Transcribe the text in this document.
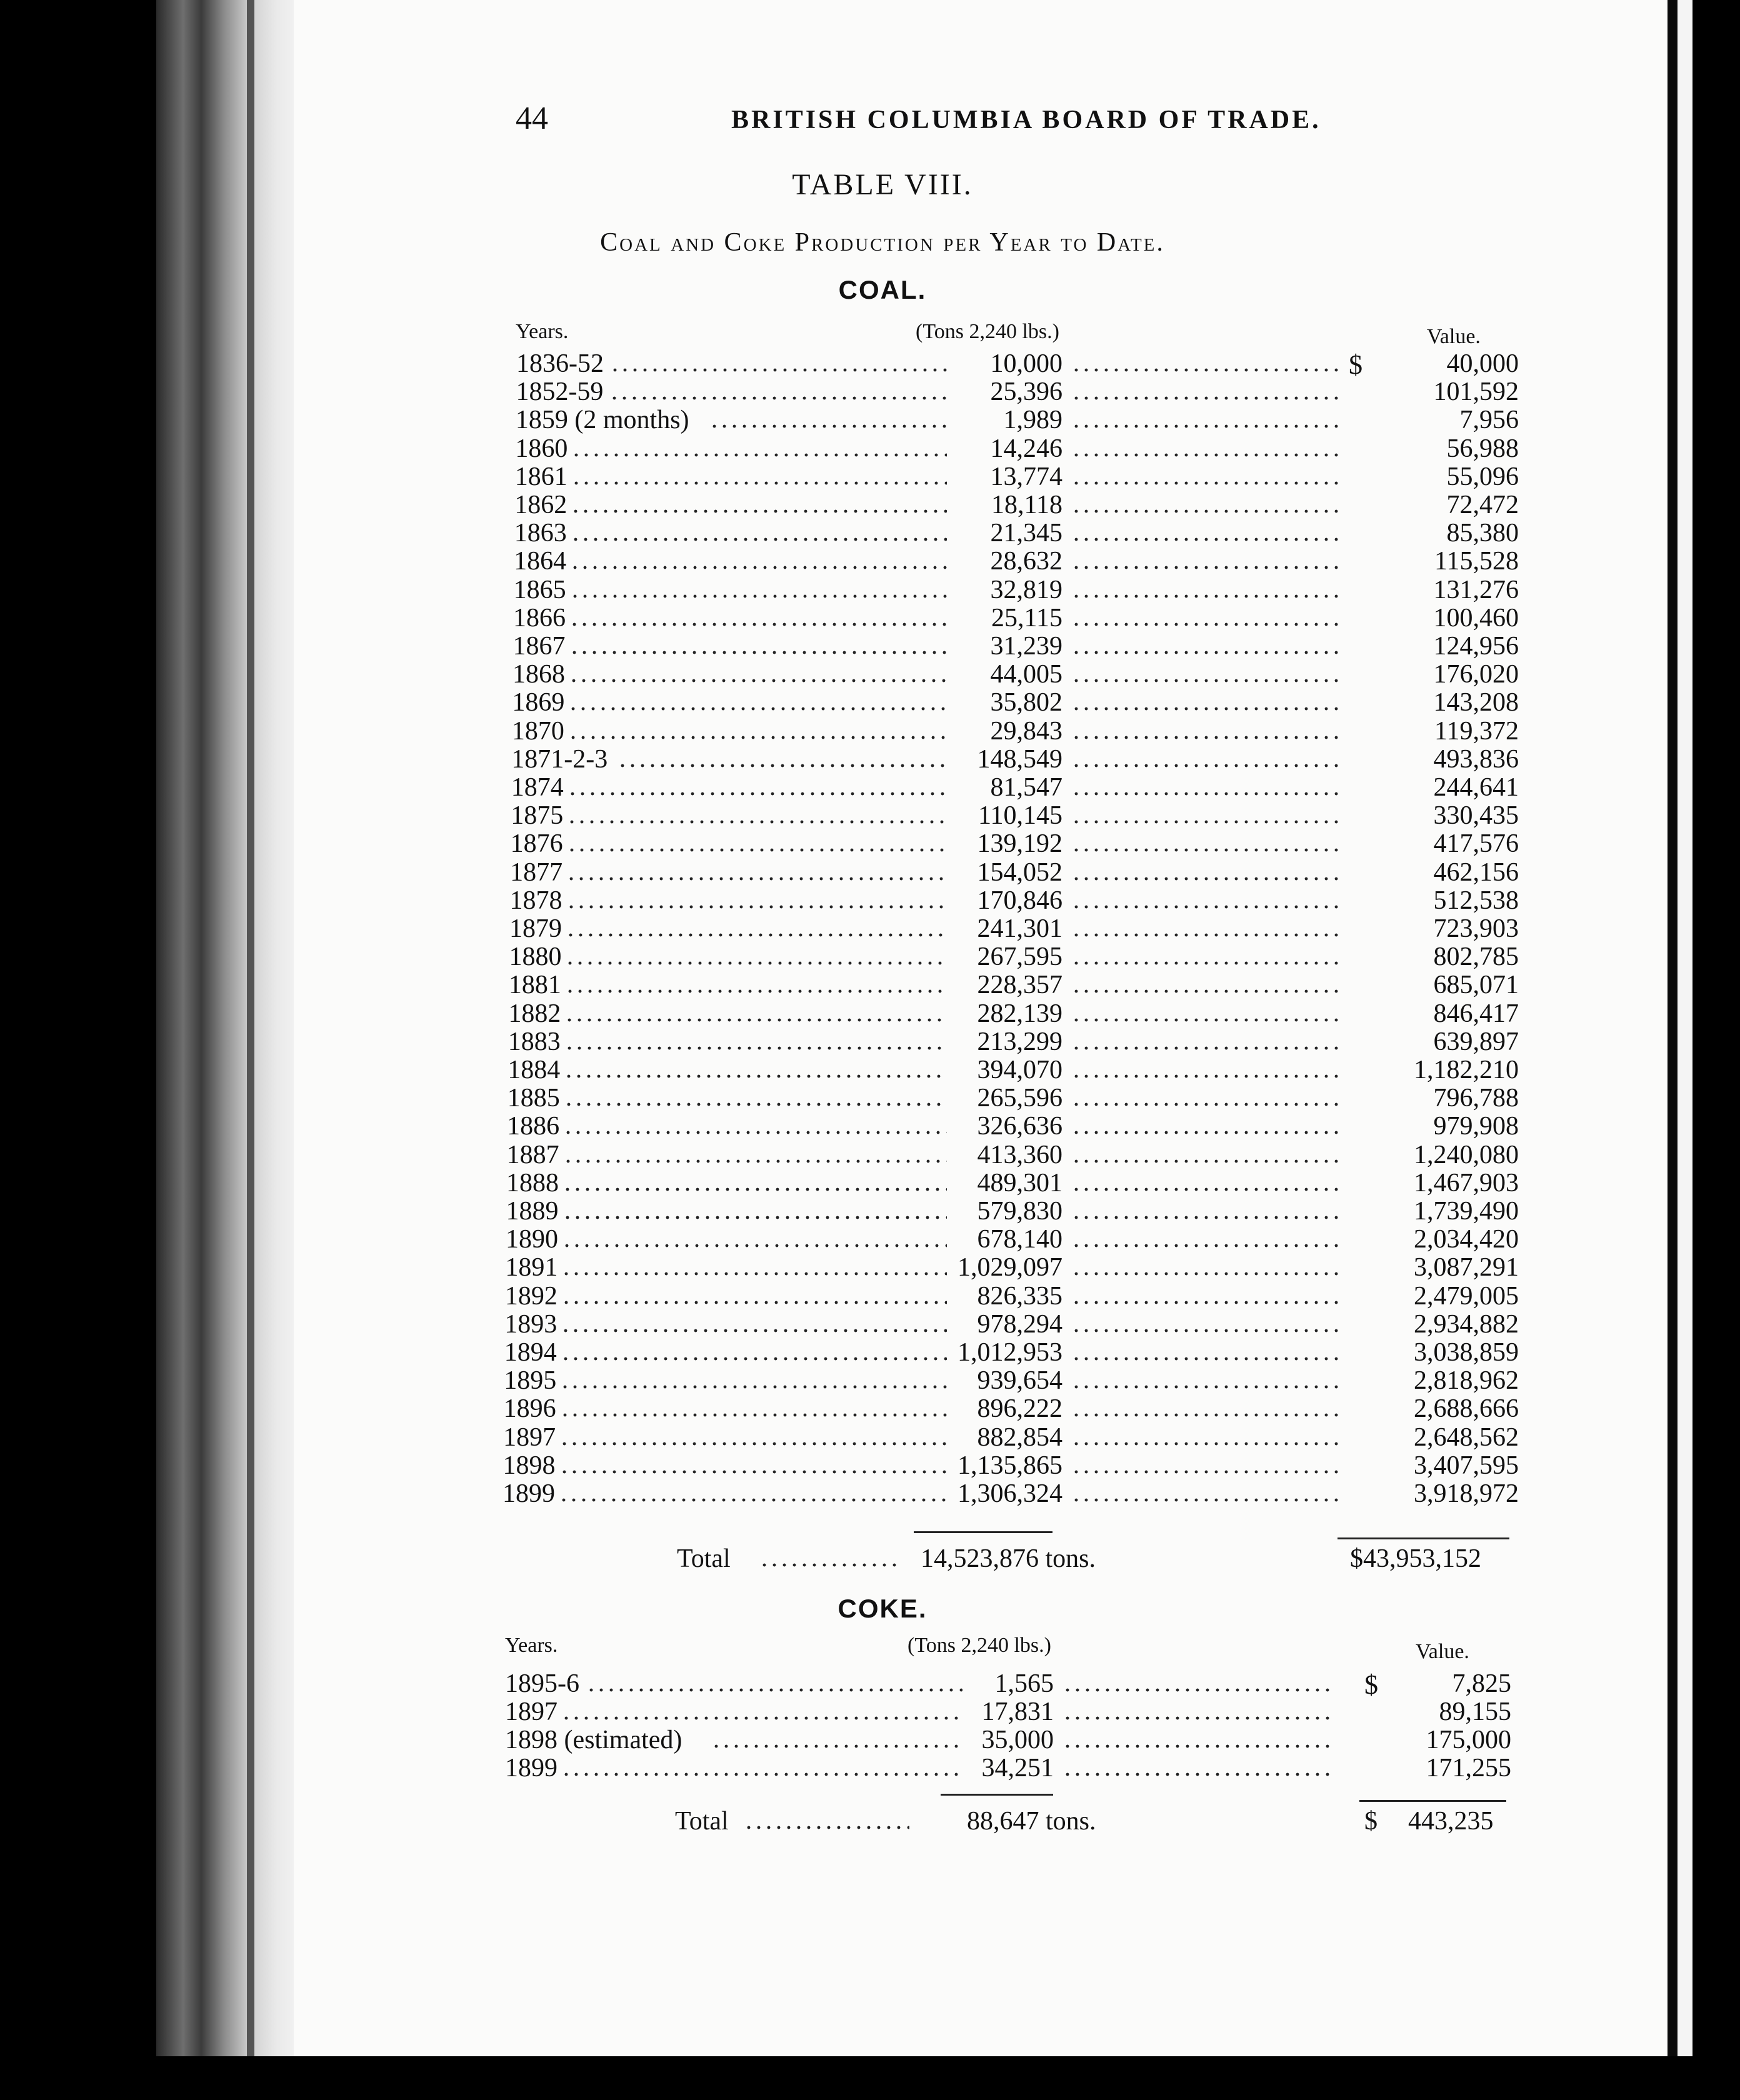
44	BRITISH COLUMBIA BOARD OF TRADE.
TABLE VIII.
Coal and Coke Production per Year to Date.
COAL.
Years.	(Tons 2,240 lbs.)	Value.
1836-52	10,000	$	40,000
1852-59	25,396	101,592
1859 (2 months)	1,989	7,956
1860	14,246	56,988
1861	13,774	55,096
1862	18,118	72,472
1863	21,345	85,380
1864	28,632	115,528
1865	32,819	131,276
1866	25,115	100,460
1867	31,239	124,956
1868	44,005	176,020
1869	35,802	143,208
1870	29,843	119,372
1871-2-3	148,549	493,836
1874	81,547	244,641
1875	110,145	330,435
1876	139,192	417,576
1877	154,052	462,156
1878	170,846	512,538
1879	241,301	723,903
1880	267,595	802,785
1881	228,357	685,071
1882	282,139	846,417
1883	213,299	639,897
1884	394,070	1,182,210
1885	265,596	796,788
1886	326,636	979,908
1887	413,360	1,240,080
1888	489,301	1,467,903
1889	579,830	1,739,490
1890	678,140	2,034,420
1891	1,029,097	3,087,291
1892	826,335	2,479,005
1893	978,294	2,934,882
1894	1,012,953	3,038,859
1895	939,654	2,818,962
1896	896,222	2,688,666
1897	882,854	2,648,562
1898	1,135,865	3,407,595
1899	1,306,324	3,918,972
Total	14,523,876 tons.	$43,953,152
COKE.
Years.	(Tons 2,240 lbs.)	Value.
1895-6	1,565	$	7,825
1897	17,831	89,155
1898 (estimated)	35,000	175,000
1899	34,251	171,255
Total	88,647 tons.	$ 443,235
